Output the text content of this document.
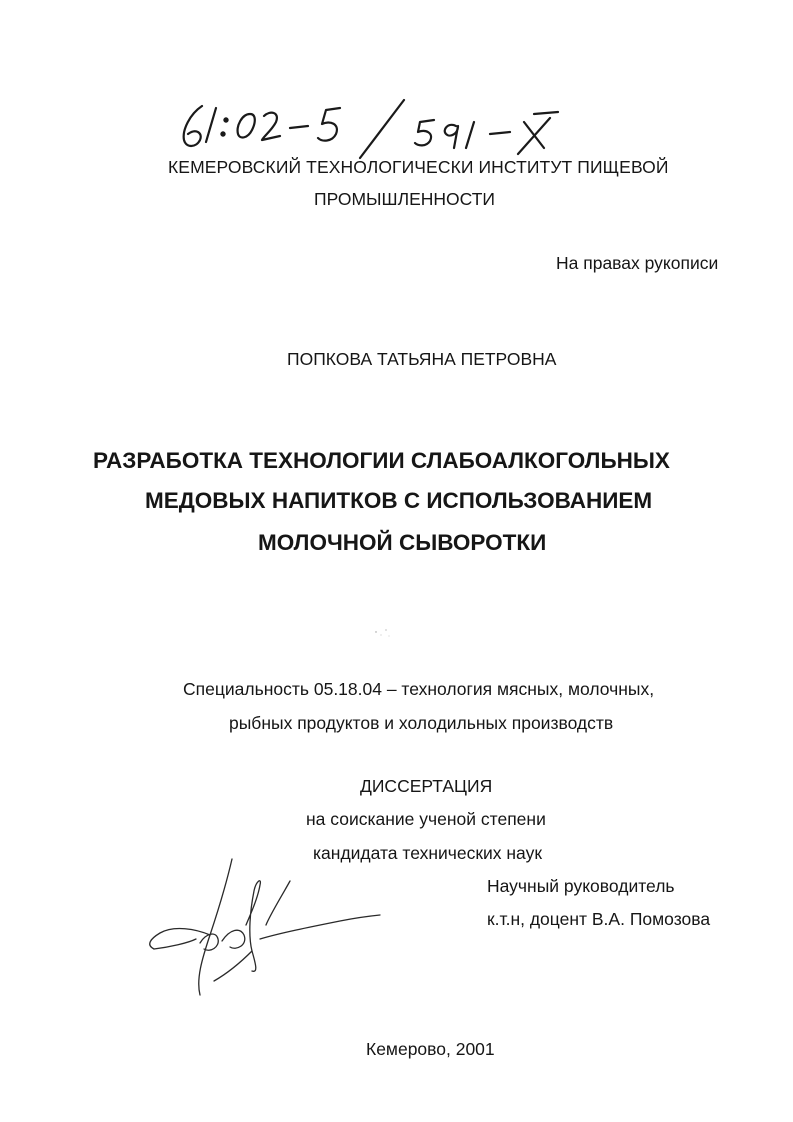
КЕМЕРОВСКИЙ ТЕХНОЛОГИЧЕСКИ ИНСТИТУТ ПИЩЕВОЙ
ПРОМЫШЛЕННОСТИ
На правах рукописи
ПОПКОВА ТАТЬЯНА ПЕТРОВНА
РАЗРАБОТКА ТЕХНОЛОГИИ СЛАБОАЛКОГОЛЬНЫХ
МЕДОВЫХ НАПИТКОВ С ИСПОЛЬЗОВАНИЕМ
МОЛОЧНОЙ СЫВОРОТКИ
Специальность 05.18.04 – технология мясных, молочных,
рыбных продуктов и холодильных производств
ДИССЕРТАЦИЯ
на соискание ученой степени
кандидата технических наук
Научный руководитель
к.т.н, доцент В.А. Помозова
Кемерово, 2001
